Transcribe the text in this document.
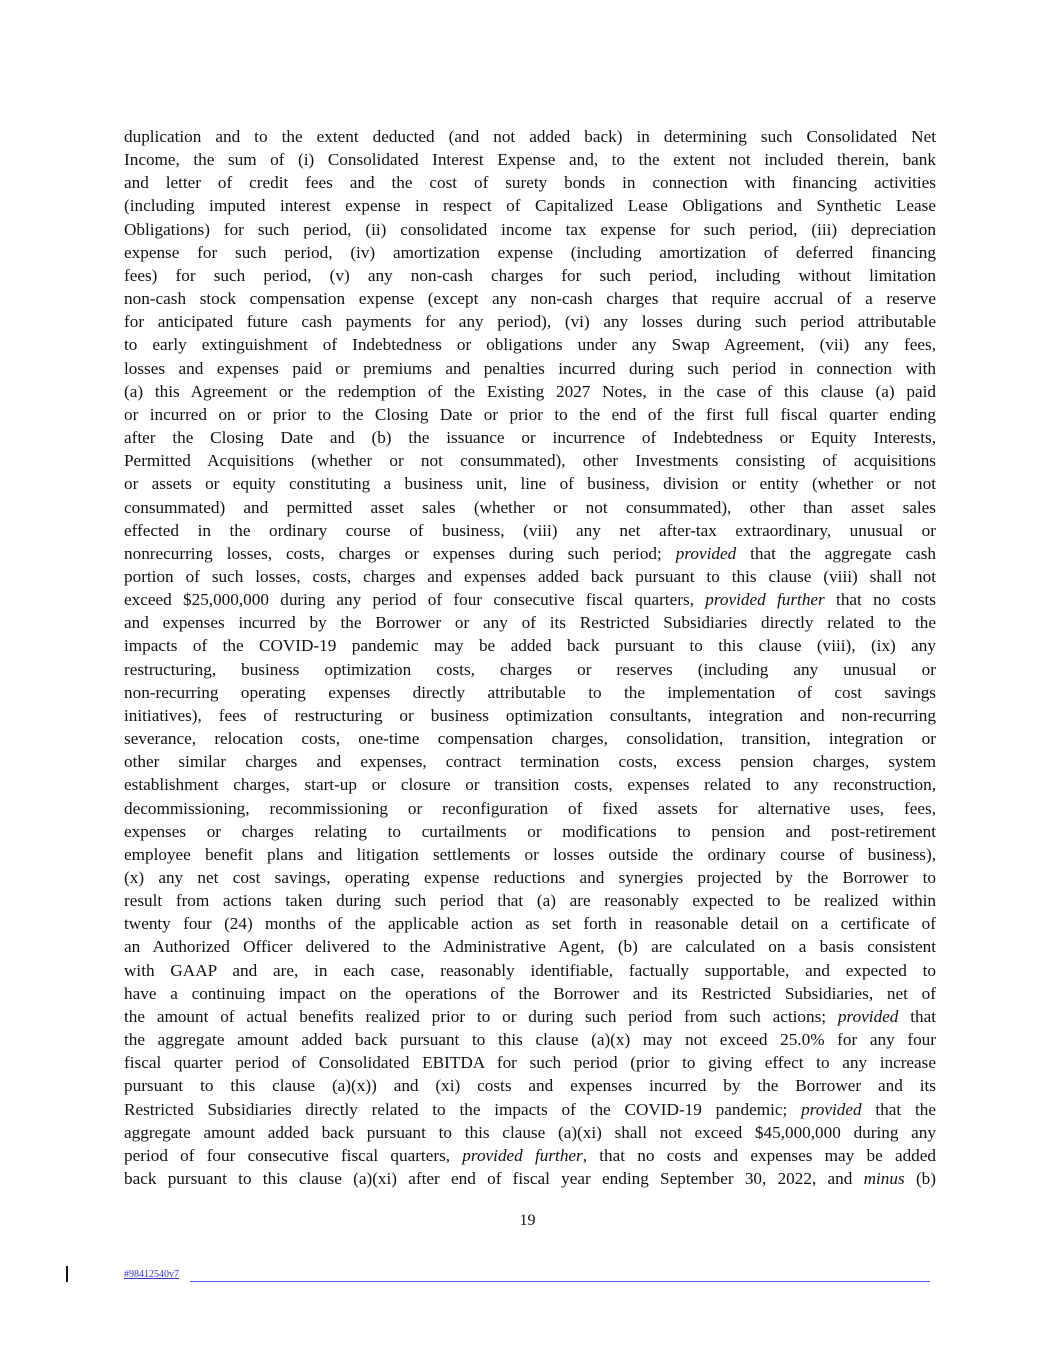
duplication and to the extent deducted (and not added back) in determining such Consolidated Net
Income, the sum of (i) Consolidated Interest Expense and, to the extent not included therein, bank
and letter of credit fees and the cost of surety bonds in connection with financing activities
(including imputed interest expense in respect of Capitalized Lease Obligations and Synthetic Lease
Obligations) for such period, (ii) consolidated income tax expense for such period, (iii) depreciation
expense for such period, (iv) amortization expense (including amortization of deferred financing
fees) for such period, (v) any non-cash charges for such period, including without limitation
non-cash stock compensation expense (except any non-cash charges that require accrual of a reserve
for anticipated future cash payments for any period), (vi) any losses during such period attributable
to early extinguishment of Indebtedness or obligations under any Swap Agreement, (vii) any fees,
losses and expenses paid or premiums and penalties incurred during such period in connection with
(a) this Agreement or the redemption of the Existing 2027 Notes, in the case of this clause (a) paid
or incurred on or prior to the Closing Date or prior to the end of the first full fiscal quarter ending
after the Closing Date and (b) the issuance or incurrence of Indebtedness or Equity Interests,
Permitted Acquisitions (whether or not consummated), other Investments consisting of acquisitions
or assets or equity constituting a business unit, line of business, division or entity (whether or not
consummated) and permitted asset sales (whether or not consummated), other than asset sales
effected in the ordinary course of business, (viii) any net after-tax extraordinary, unusual or
nonrecurring losses, costs, charges or expenses during such period; provided that the aggregate cash
portion of such losses, costs, charges and expenses added back pursuant to this clause (viii) shall not
exceed $25,000,000 during any period of four consecutive fiscal quarters, provided further that no costs
and expenses incurred by the Borrower or any of its Restricted Subsidiaries directly related to the
impacts of the COVID-19 pandemic may be added back pursuant to this clause (viii), (ix) any
restructuring, business optimization costs, charges or reserves (including any unusual or
non-recurring operating expenses directly attributable to the implementation of cost savings
initiatives), fees of restructuring or business optimization consultants, integration and non-recurring
severance, relocation costs, one-time compensation charges, consolidation, transition, integration or
other similar charges and expenses, contract termination costs, excess pension charges, system
establishment charges, start-up or closure or transition costs, expenses related to any reconstruction,
decommissioning, recommissioning or reconfiguration of fixed assets for alternative uses, fees,
expenses or charges relating to curtailments or modifications to pension and post-retirement
employee benefit plans and litigation settlements or losses outside the ordinary course of business),
(x) any net cost savings, operating expense reductions and synergies projected by the Borrower to
result from actions taken during such period that (a) are reasonably expected to be realized within
twenty four (24) months of the applicable action as set forth in reasonable detail on a certificate of
an Authorized Officer delivered to the Administrative Agent, (b) are calculated on a basis consistent
with GAAP and are, in each case, reasonably identifiable, factually supportable, and expected to
have a continuing impact on the operations of the Borrower and its Restricted Subsidiaries, net of
the amount of actual benefits realized prior to or during such period from such actions; provided that
the aggregate amount added back pursuant to this clause (a)(x) may not exceed 25.0% for any four
fiscal quarter period of Consolidated EBITDA for such period (prior to giving effect to any increase
pursuant to this clause (a)(x)) and (xi) costs and expenses incurred by the Borrower and its
Restricted Subsidiaries directly related to the impacts of the COVID-19 pandemic; provided that the
aggregate amount added back pursuant to this clause (a)(xi) shall not exceed $45,000,000 during any
period of four consecutive fiscal quarters, provided further, that no costs and expenses may be added
back pursuant to this clause (a)(xi) after end of fiscal year ending September 30, 2022, and minus (b)
19
#98412540v7
